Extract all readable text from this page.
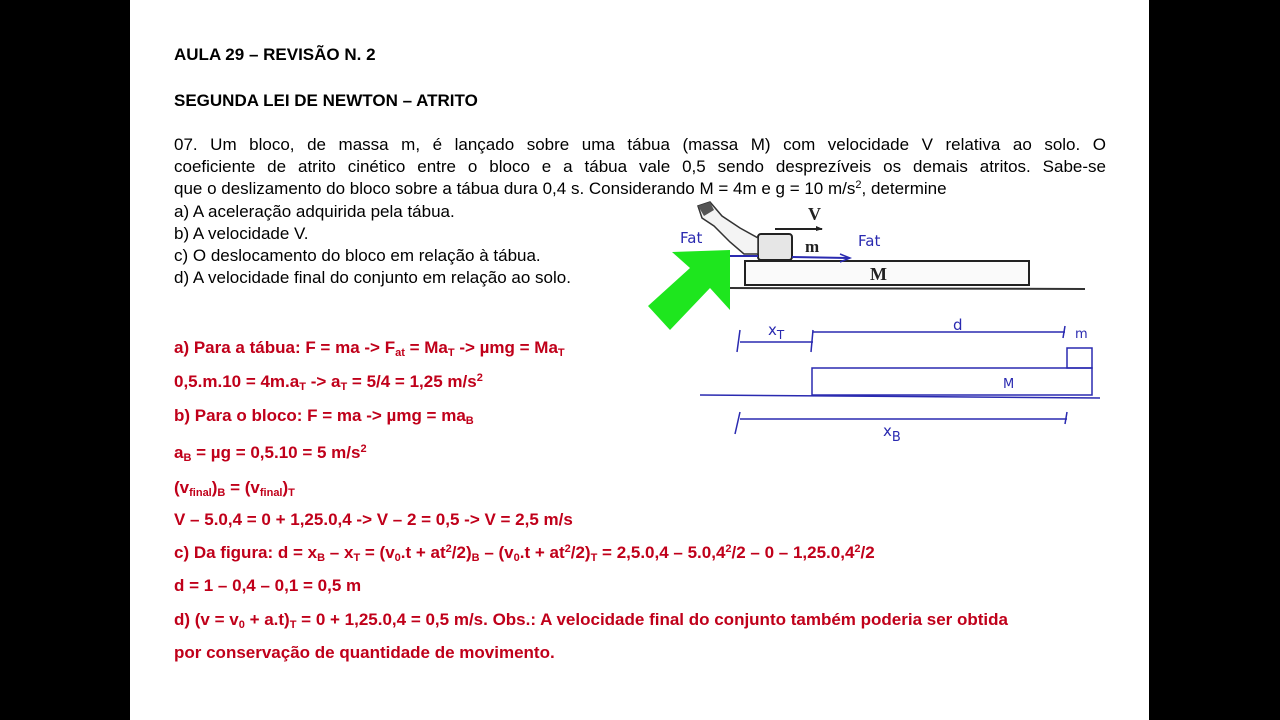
AULA 29 – REVISÃO N. 2
SEGUNDA LEI DE NEWTON – ATRITO
07. Um bloco, de massa m, é lançado sobre uma tábua (massa M) com velocidade V relativa ao solo. O
coeficiente de atrito cinético entre o bloco e a tábua vale 0,5 sendo desprezíveis os demais atritos. Sabe-se
que o deslizamento do bloco sobre a tábua dura 0,4 s. Considerando M = 4m e g = 10 $m/s^2$, determine
a) A aceleração adquirida pela tábua.
b) A velocidade V.
c) O deslocamento do bloco em relação à tábua.
d) A velocidade final do conjunto em relação ao solo.
V
m
M
Fat	Fat
$x_T$
d
m
M
xB
a) Para a tábua: F = ma -> $F_{at} = Ma_T -> \mu mg = Ma_T$
$0,5.m.10 = 4m.a_T -> a_T = 5/4 = 1,25$ $m/s^2$
b) Para o bloco: F = ma -> $\mu mg = ma_B$
$a_B = \mu g = 0,5.10 = 5$ $m/s^2$
$(v_{final})_B = (v_{final})_T$
V – 5.0,4 = 0 + 1,25.0,4 -> V – 2 = 0,5 -> V = 2,5 m/s
c) Da figura: $d = x_B - x_T = (v_0.t + at^2/2)_B - (v_0.t + at^2/2)_T = 2,5.0,4 - 5.0,4^2/2 - 0 - 1,25.0,4^2/2$
d = 1 – 0,4 – 0,1 = 0,5 m
d) $(v = v_0 + a.t)_T = 0 + 1,25.0,4 = 0,5$ m/s. Obs.: A velocidade final do conjunto também poderia ser obtida
por conservação de quantidade de movimento.
